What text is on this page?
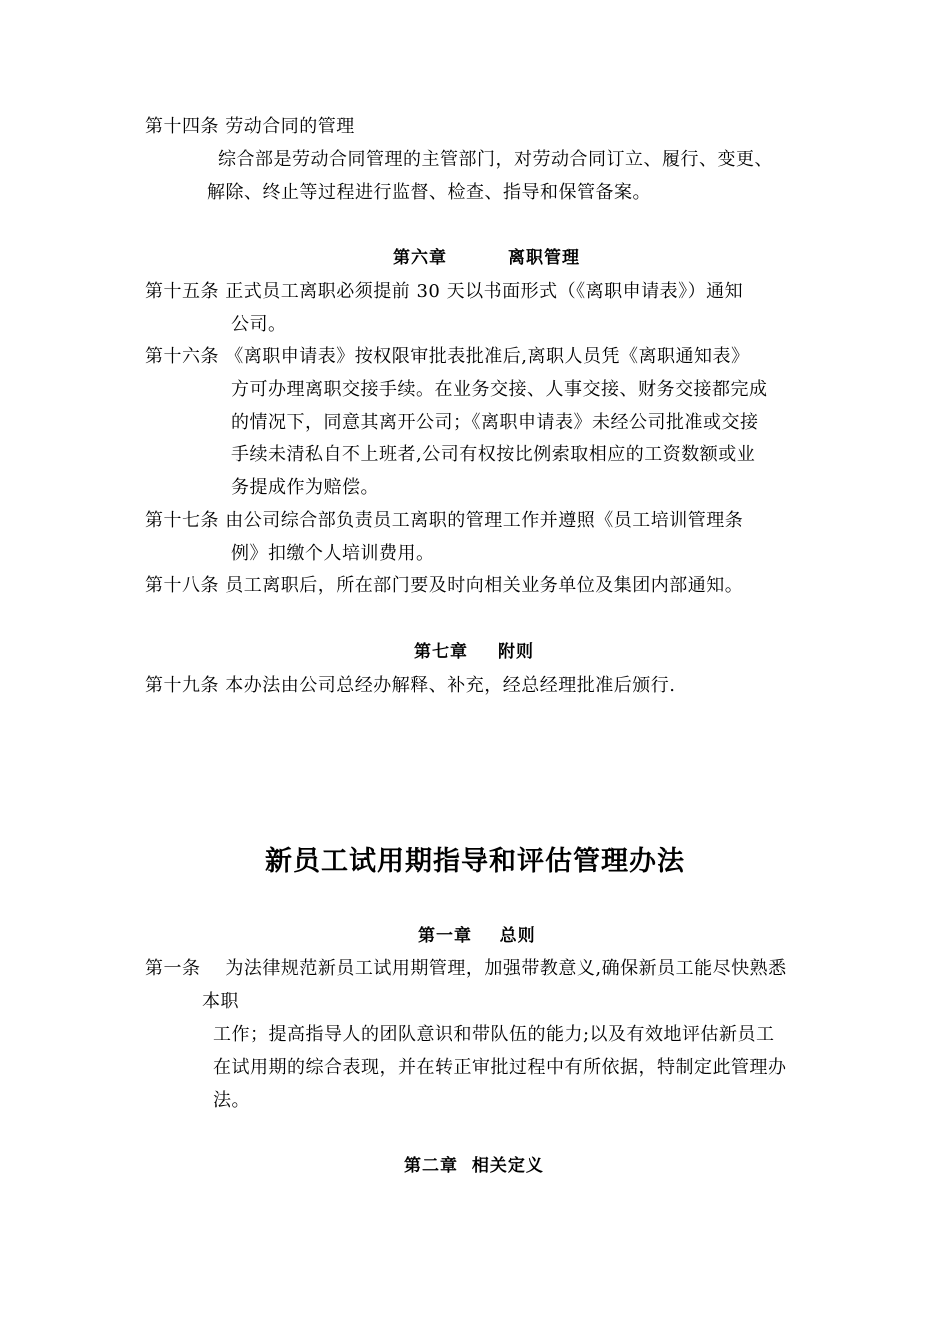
第十四条 劳动合同的管理
综合部是劳动合同管理的主管部门，对劳动合同订立、履行、变更、
解除、终止等过程进行监督、检查、指导和保管备案。
第六章	离职管理
第十五条 正式员工离职必须提前 30 天以书面形式（《离职申请表》）通知
公司。
第十六条 《离职申请表》按权限审批表批准后,离职人员凭《离职通知表》
方可办理离职交接手续。在业务交接、人事交接、财务交接都完成
的情况下，同意其离开公司；《离职申请表》未经公司批准或交接
手续未清私自不上班者,公司有权按比例索取相应的工资数额或业
务提成作为赔偿。
第十七条 由公司综合部负责员工离职的管理工作并遵照《员工培训管理条
例》扣缴个人培训费用。
第十八条 员工离职后，所在部门要及时向相关业务单位及集团内部通知。
第七章 附则
第十九条 本办法由公司总经办解释、补充，经总经理批准后颁行.
新员工试用期指导和评估管理办法
第一章    总则
第一条    为法律规范新员工试用期管理，加强带教意义,确保新员工能尽快熟悉
本职
工作；提高指导人的团队意识和带队伍的能力;以及有效地评估新员工
在试用期的综合表现，并在转正审批过程中有所依据，特制定此管理办
法。
第二章  相关定义
